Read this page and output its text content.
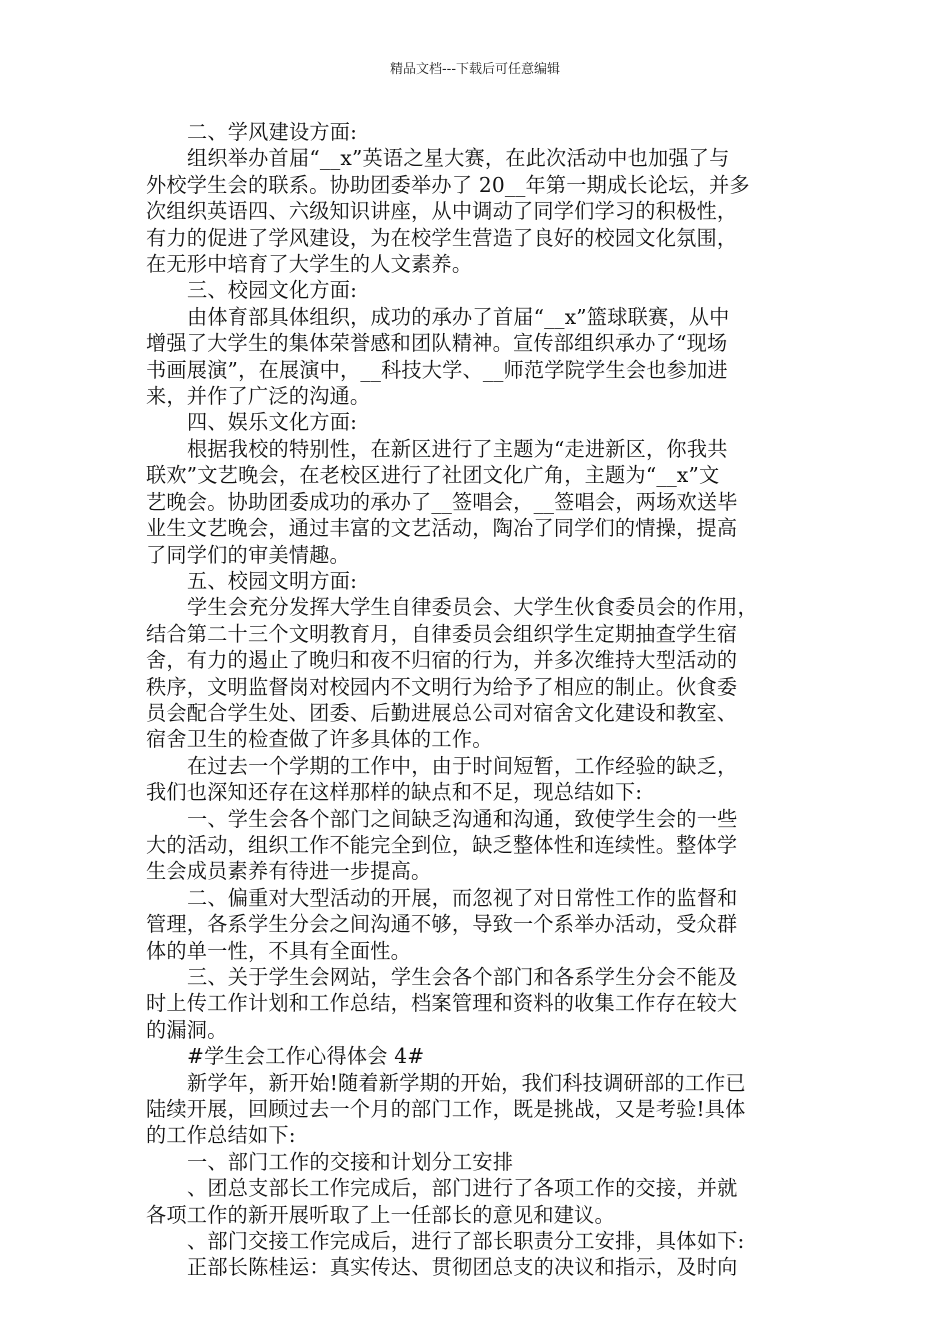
精品文档---下载后可任意编辑

二、学风建设方面:

组织举办首届“__x”英语之星大赛，在此次活动中也加强了与

外校学生会的联系。协助团委举办了 20__年第一期成长论坛，并多

次组织英语四、六级知识讲座，从中调动了同学们学习的积极性，

有力的促进了学风建设，为在校学生营造了良好的校园文化氛围，

在无形中培育了大学生的人文素养。

三、校园文化方面:

由体育部具体组织，成功的承办了首届“__x”篮球联赛，从中

增强了大学生的集体荣誉感和团队精神。宣传部组织承办了“现场

书画展演”，在展演中，__科技大学、__师范学院学生会也参加进

来，并作了广泛的沟通。

四、娱乐文化方面:

根据我校的特别性，在新区进行了主题为“走进新区，你我共

联欢”文艺晚会，在老校区进行了社团文化广角，主题为“__x”文

艺晚会。协助团委成功的承办了__签唱会，__签唱会，两场欢送毕

业生文艺晚会，通过丰富的文艺活动，陶冶了同学们的情操，提高

了同学们的审美情趣。

五、校园文明方面:

学生会充分发挥大学生自律委员会、大学生伙食委员会的作用，

结合第二十三个文明教育月，自律委员会组织学生定期抽查学生宿

舍，有力的遏止了晚归和夜不归宿的行为，并多次维持大型活动的

秩序，文明监督岗对校园内不文明行为给予了相应的制止。伙食委

员会配合学生处、团委、后勤进展总公司对宿舍文化建设和教室、

宿舍卫生的检查做了许多具体的工作。

在过去一个学期的工作中，由于时间短暂，工作经验的缺乏，

我们也深知还存在这样那样的缺点和不足，现总结如下:

一、学生会各个部门之间缺乏沟通和沟通，致使学生会的一些

大的活动，组织工作不能完全到位，缺乏整体性和连续性。整体学

生会成员素养有待进一步提高。

二、偏重对大型活动的开展，而忽视了对日常性工作的监督和

管理，各系学生分会之间沟通不够，导致一个系举办活动，受众群

体的单一性，不具有全面性。

三、关于学生会网站，学生会各个部门和各系学生分会不能及

时上传工作计划和工作总结，档案管理和资料的收集工作存在较大

的漏洞。

#学生会工作心得体会 4#

新学年，新开始!随着新学期的开始，我们科技调研部的工作已

陆续开展，回顾过去一个月的部门工作，既是挑战，又是考验!具体

的工作总结如下:

一、部门工作的交接和计划分工安排

、团总支部长工作完成后，部门进行了各项工作的交接，并就

各项工作的新开展听取了上一任部长的意见和建议。

、部门交接工作完成后，进行了部长职责分工安排，具体如下:

正部长陈桂运：真实传达、贯彻团总支的决议和指示，及时向
